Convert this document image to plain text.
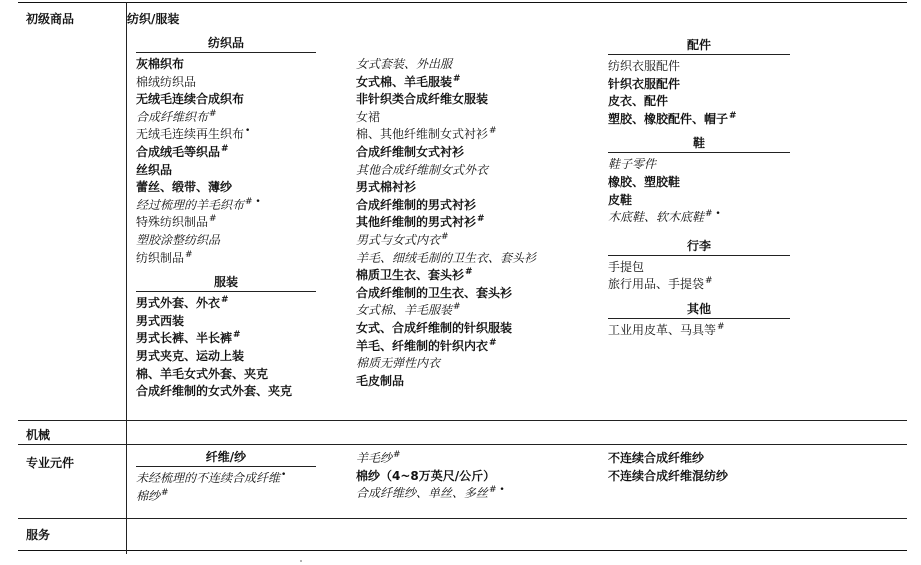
初级商品
机械
专业元件
服务
纺织/服装
纺织品
灰棉织布
棉绒纺织品
无绒毛连续合成织布
合成纤维织布#
无绒毛连续再生织布•
合成绒毛等织品#
丝织品
蕾丝、缎带、薄纱
经过梳理的羊毛织布# •
特殊纺织制品#
塑胶涂整纺织品
纺织制品#
服装
男式外套、外衣#
男式西装
男式长裤、半长裤#
男式夹克、运动上装
棉、羊毛女式外套、夹克
合成纤维制的女式外套、夹克
女式套装、外出服
女式棉、羊毛服装#
非针织类合成纤维女服装
女裙
棉、其他纤维制女式衬衫#
合成纤维制女式衬衫
其他合成纤维制女式外衣
男式棉衬衫
合成纤维制的男式衬衫
其他纤维制的男式衬衫#
男式与女式内衣#
羊毛、细绒毛制的卫生衣、套头衫
棉质卫生衣、套头衫#
合成纤维制的卫生衣、套头衫
女式棉、羊毛服装#
女式、合成纤维制的针织服装
羊毛、纤维制的针织内衣#
棉质无弹性内衣
毛皮制品
配件
纺织衣服配件
针织衣服配件
皮衣、配件
塑胶、橡胶配件、帽子#
鞋
鞋子零件
橡胶、塑胶鞋
皮鞋
木底鞋、软木底鞋# •
行李
手提包
旅行用品、手提袋#
其他
工业用皮革、马具等#
纤维/纱
未经梳理的不连续合成纤维•
棉纱#
羊毛纱#
棉纱（4~8万英尺/公斤）
合成纤维纱、单丝、多丝# •
不连续合成纤维纱
不连续合成纤维混纺纱
